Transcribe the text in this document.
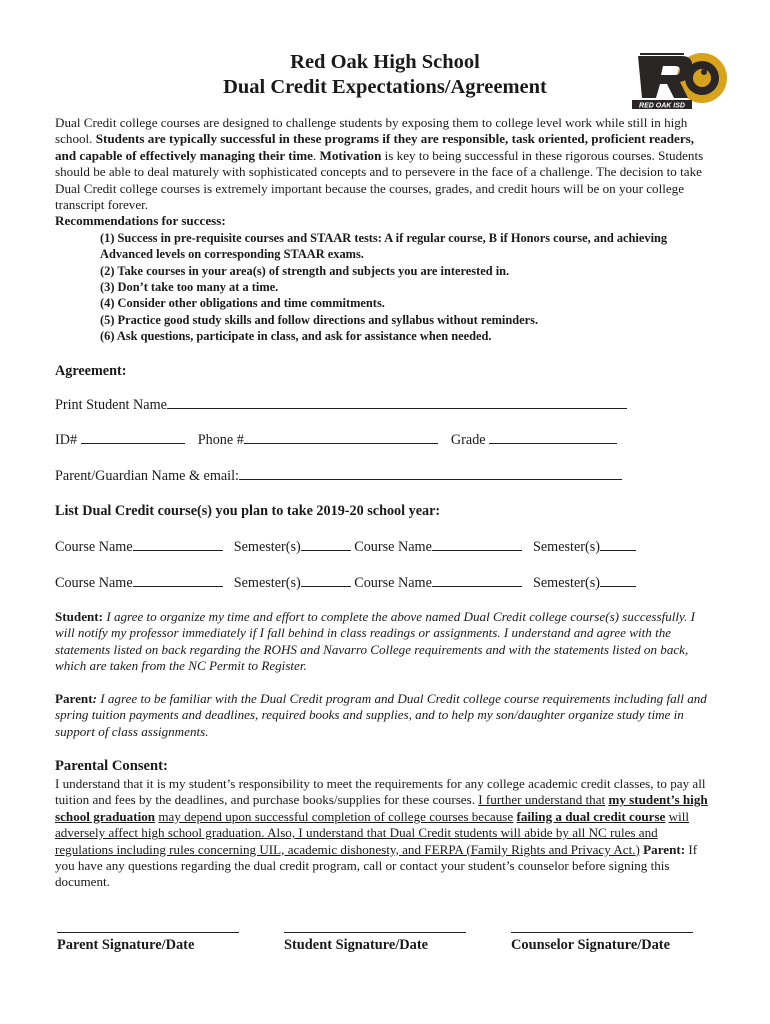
Red Oak High School
Dual Credit Expectations/Agreement
RED OAK ISD
Dual Credit college courses are designed to challenge students by exposing them to college level work while still in high school. Students are typically successful in these programs if they are responsible, task oriented, proficient readers, and capable of effectively managing their time. Motivation is key to being successful in these rigorous courses. Students should be able to deal maturely with sophisticated concepts and to persevere in the face of a challenge. The decision to take Dual Credit college courses is extremely important because the courses, grades, and credit hours will be on your college transcript forever.
Recommendations for success:
(1) Success in pre-requisite courses and STAAR tests: A if regular course, B if Honors course, and achieving Advanced levels on corresponding STAAR exams.
(2) Take courses in your area(s) of strength and subjects you are interested in.
(3) Don’t take too many at a time.
(4) Consider other obligations and time commitments.
(5) Practice good study skills and follow directions and syllabus without reminders.
(6) Ask questions, participate in class, and ask for assistance when needed.
Agreement:
Print Student Name
ID#	Phone #	Grade
Parent/Guardian Name & email:
List Dual Credit course(s) you plan to take 2019-20 school year:
Course Name	Semester(s)	Course Name	Semester(s)
Course Name	Semester(s)	Course Name	Semester(s)
Student: I agree to organize my time and effort to complete the above named Dual Credit college course(s) successfully. I will notify my professor immediately if I fall behind in class readings or assignments. I understand and agree with the statements listed on back regarding the ROHS and Navarro College requirements and with the statements listed on back, which are taken from the NC Permit to Register.
Parent: I agree to be familiar with the Dual Credit program and Dual Credit college course requirements including fall and spring tuition payments and deadlines, required books and supplies, and to help my son/daughter organize study time in support of class assignments.
Parental Consent:
I understand that it is my student’s responsibility to meet the requirements for any college academic credit classes, to pay all tuition and fees by the deadlines, and purchase books/supplies for these courses. I further understand that my student’s high school graduation may depend upon successful completion of college courses because failing a dual credit course will adversely affect high school graduation. Also, I understand that Dual Credit students will abide by all NC rules and regulations including rules concerning UIL, academic dishonesty, and FERPA (Family Rights and Privacy Act.) Parent: If you have any questions regarding the dual credit program, call or contact your student’s counselor before signing this document.
Parent Signature/Date	Student Signature/Date	Counselor Signature/Date
